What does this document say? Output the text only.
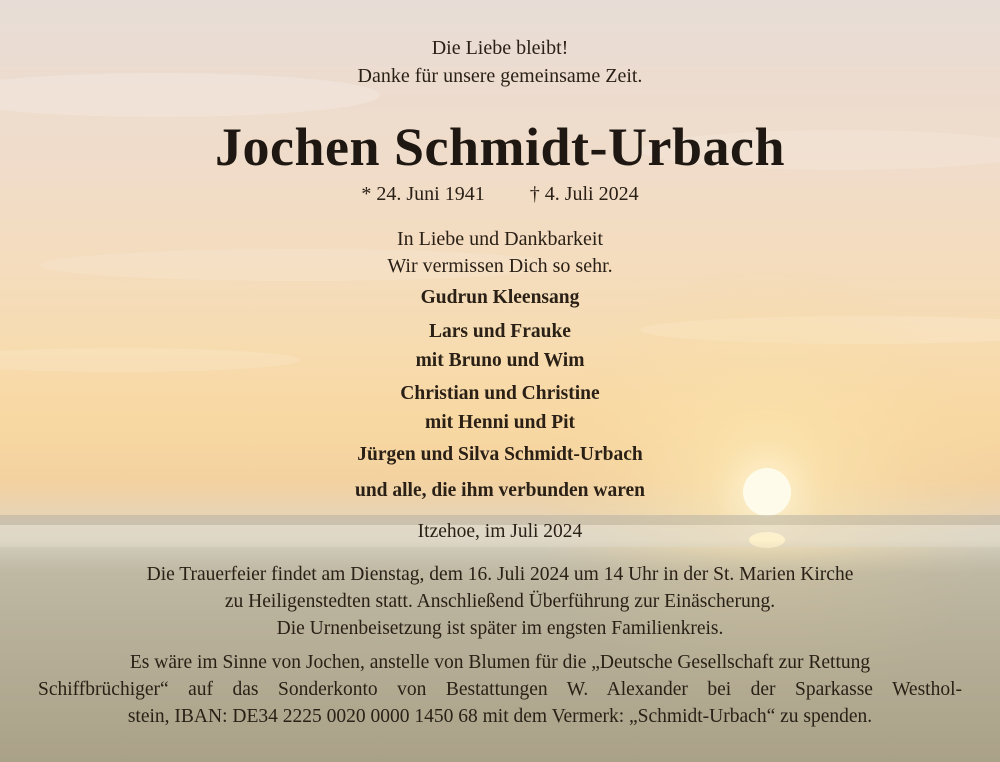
Die Liebe bleibt!
Danke für unsere gemeinsame Zeit.
Jochen Schmidt-Urbach
* 24. Juni 1941 † 4. Juli 2024
In Liebe und Dankbarkeit
Wir vermissen Dich so sehr.
Gudrun Kleensang
Lars und Frauke
mit Bruno und Wim
Christian und Christine
mit Henni und Pit
Jürgen und Silva Schmidt-Urbach
und alle, die ihm verbunden waren
Itzehoe, im Juli 2024
Die Trauerfeier findet am Dienstag, dem 16. Juli 2024 um 14 Uhr in der St. Marien Kirche
zu Heiligenstedten statt. Anschließend Überführung zur Einäscherung.
Die Urnenbeisetzung ist später im engsten Familienkreis.
Es wäre im Sinne von Jochen, anstelle von Blumen für die „Deutsche Gesellschaft zur Rettung
Schiffbrüchiger“ auf das Sonderkonto von Bestattungen W. Alexander bei der Sparkasse Westhol-
stein, IBAN: DE34 2225 0020 0000 1450 68 mit dem Vermerk: „Schmidt-Urbach“ zu spenden.
